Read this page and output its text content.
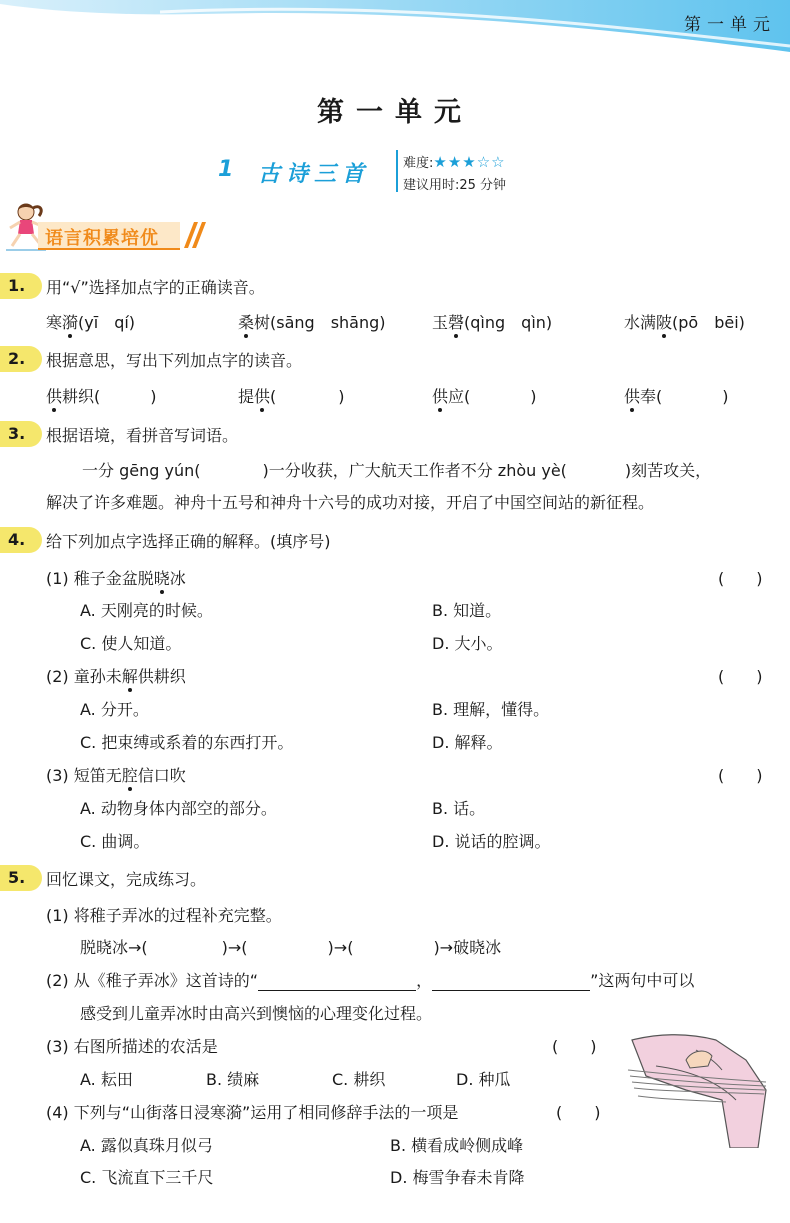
第一单元
第一单元
1 古诗三首	难度:★★★☆☆
建议用时:25 分钟
语言积累培优
1.	用“√”选择加点字的正确读音。
寒漪(yī　qí)	桑树(sāng　shāng)	玉磬(qìng　qìn)	水满陂(pō　bēi)
2.	根据意思，写出下列加点字的读音。
供耕织(	)	提供(	)	供应(	)	供奉(	)
3.	根据语境，看拼音写词语。
一分 gēng yún(	)一分收获，广大航天工作者不分 zhòu yè(	)刻苦攻关，
解决了许多难题。神舟十五号和神舟十六号的成功对接，开启了中国空间站的新征程。
4.	给下列加点字选择正确的解释。(填序号)
(1) 稚子金盆脱晓冰	(　　)
A. 天刚亮的时候。	B. 知道。
C. 使人知道。	D. 大小。
(2) 童孙未解供耕织	(　　)
A. 分开。	B. 理解，懂得。
C. 把束缚或系着的东西打开。	D. 解释。
(3) 短笛无腔信口吹	(　　)
A. 动物身体内部空的部分。	B. 话。
C. 曲调。	D. 说话的腔调。
5.	回忆课文，完成练习。
(1) 将稚子弄冰的过程补充完整。
脱晓冰→(	)→(	)→(	)→破晓冰
(2) 从《稚子弄冰》这首诗的“	，	”这两句中可以
感受到儿童弄冰时由高兴到懊恼的心理变化过程。
(3) 右图所描述的农活是	(　　)
A. 耘田	B. 绩麻	C. 耕织	D. 种瓜
(4) 下列与“山街落日浸寒漪”运用了相同修辞手法的一项是	(　　)
A. 露似真珠月似弓	B. 横看成岭侧成峰
C. 飞流直下三千尺	D. 梅雪争春未肯降
